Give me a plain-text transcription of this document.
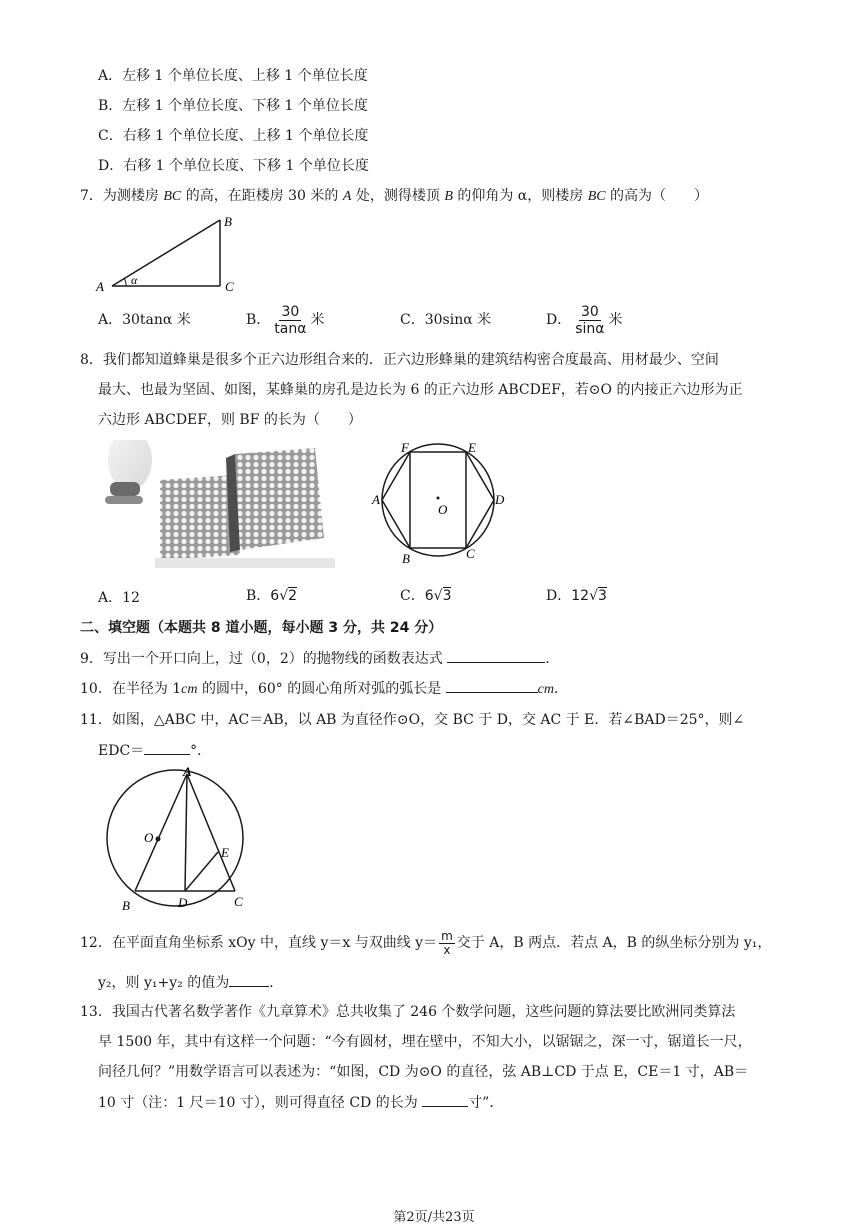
A．左移 1 个单位长度、上移 1 个单位长度
B．左移 1 个单位长度、下移 1 个单位长度
C．右移 1 个单位长度、上移 1 个单位长度
D．右移 1 个单位长度、下移 1 个单位长度
7．为测楼房 BC 的高，在距楼房 30 米的 A 处，测得楼顶 B 的仰角为 α，则楼房 BC 的高为（　　）
A
B
C
α
A．30tanα 米	B． $\frac{30}{\tan\alpha}$ 米	C．30sinα 米	D． $\frac{30}{\sin\alpha}$ 米
8．我们都知道蜂巢是很多个正六边形组合来的．正六边形蜂巢的建筑结构密合度最高、用材最少、空间
最大、也最为坚固、如图，某蜂巢的房孔是边长为 6 的正六边形 ABCDEF，若⊙O 的内接正六边形为正
六边形 ABCDEF，则 BF 的长为（　　）
A
B	C
D
E
F
O
A．12	B．6√2	C．6√3	D．12√3
二、填空题（本题共 8 道小题，每小题 3 分，共 24 分）
9．写出一个开口向上，过（0，2）的抛物线的函数表达式	．
10．在半径为 1cm 的圆中，60° 的圆心角所对弧的弧长是	cm．
11．如图，△ABC 中，AC＝AB，以 AB 为直径作⊙O，交 BC 于 D，交 AC 于 E．若∠BAD＝25°，则∠
EDC＝	°．
A
B	C
D
E
O
12．在平面直角坐标系 xOy 中，直线 y＝x 与双曲线 $y= \frac{m}{x}$ 交于 A，B 两点．若点 A，B 的纵坐标分别为 y₁，
y₂，则 y₁+y₂ 的值为	．
13．我国古代著名数学著作《九章算术》总共收集了 246 个数学问题，这些问题的算法要比欧洲同类算法
早 1500 年，其中有这样一个问题：“今有圆材，埋在壁中，不知大小，以锯锯之，深一寸，锯道长一尺，
问径几何？”用数学语言可以表述为：“如图，CD 为⊙O 的直径，弦 AB⊥CD 于点 E，CE＝1 寸，AB＝
10 寸（注：1 尺＝10 寸），则可得直径 CD 的长为	寸”．
第2页/共23页
